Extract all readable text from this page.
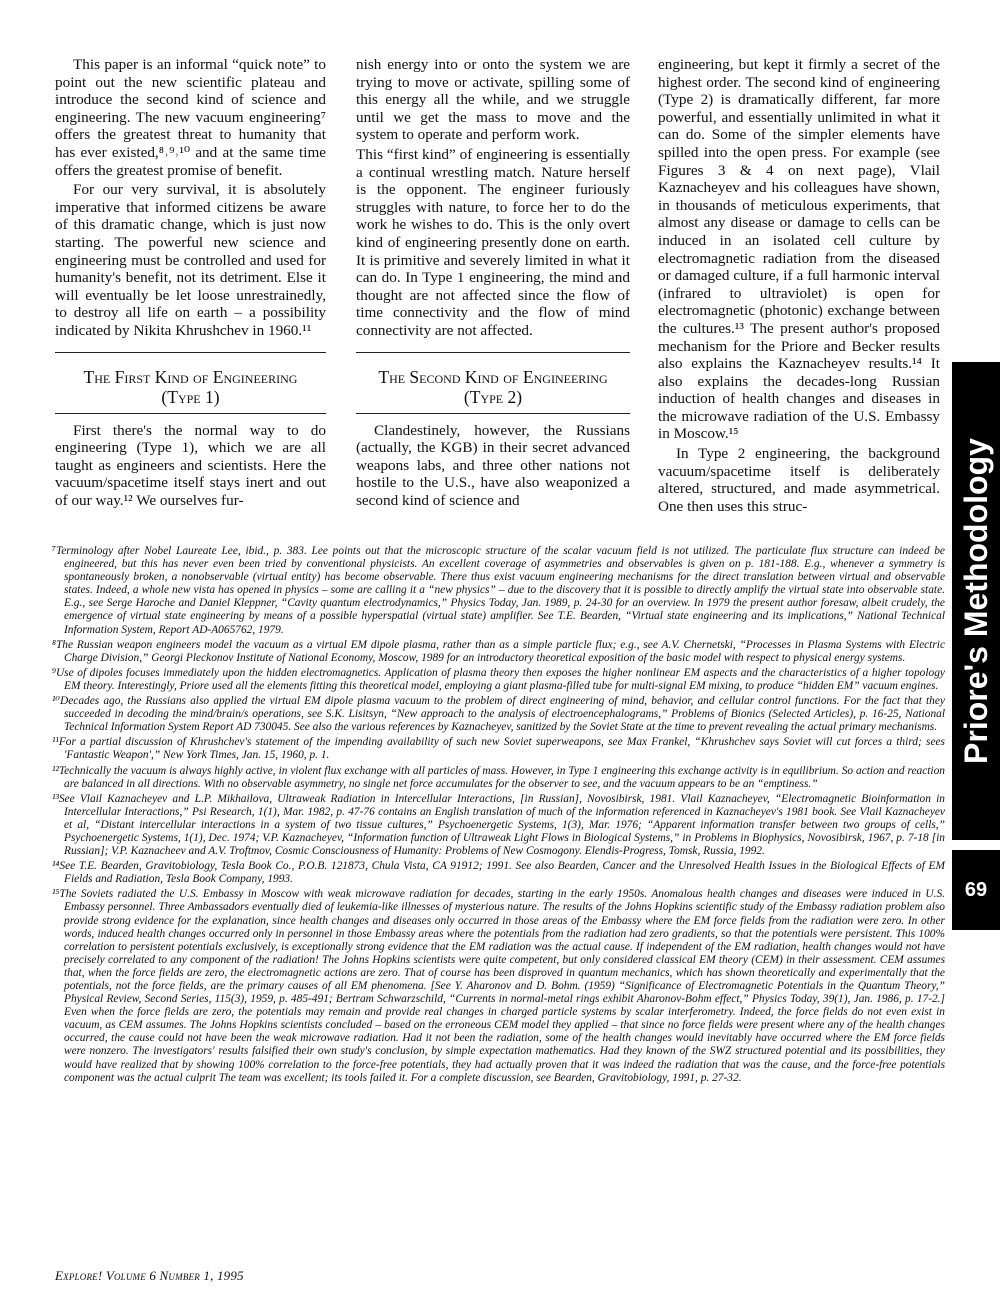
This paper is an informal “quick note” to point out the new scientific plateau and introduce the second kind of science and engineering. The new vacuum engineering⁷ offers the greatest threat to humanity that has ever existed,⁸˒⁹˒¹⁰ and at the same time offers the greatest promise of benefit.

For our very survival, it is absolutely imperative that informed citizens be aware of this dramatic change, which is just now starting. The powerful new science and engineering must be controlled and used for humanity's benefit, not its detriment. Else it will eventually be let loose unrestrainedly, to destroy all life on earth – a possibility indicated by Nikita Khrushchev in 1960.¹¹

The First Kind of Engineering
(Type 1)

First there's the normal way to do engineering (Type 1), which we are all taught as engineers and scientists. Here the vacuum/spacetime itself stays inert and out of our way.¹² We ourselves fur-

nish energy into or onto the system we are trying to move or activate, spilling some of this energy all the while, and we struggle until we get the mass to move and the system to operate and perform work.

This “first kind” of engineering is essentially a continual wrestling match. Nature herself is the opponent. The engineer furiously struggles with nature, to force her to do the work he wishes to do. This is the only overt kind of engineering presently done on earth. It is primitive and severely limited in what it can do. In Type 1 engineering, the mind and thought are not affected since the flow of time connectivity and the flow of mind connectivity are not affected.

The Second Kind of Engineering
(Type 2)

Clandestinely, however, the Russians (actually, the KGB) in their secret advanced weapons labs, and three other nations not hostile to the U.S., have also weaponized a second kind of science and

engineering, but kept it firmly a secret of the highest order. The second kind of engineering (Type 2) is dramatically different, far more powerful, and essentially unlimited in what it can do. Some of the simpler elements have spilled into the open press. For example (see Figures 3 & 4 on next page), Vlail Kaznacheyev and his colleagues have shown, in thousands of meticulous experiments, that almost any disease or damage to cells can be induced in an isolated cell culture by electromagnetic radiation from the diseased or damaged culture, if a full harmonic interval (infrared to ultraviolet) is open for electromagnetic (photonic) exchange between the cultures.¹³ The present author's proposed mechanism for the Priore and Becker results also explains the Kaznacheyev results.¹⁴ It also explains the decades-long Russian induction of health changes and diseases in the microwave radiation of the U.S. Embassy in Moscow.¹⁵

In Type 2 engineering, the background vacuum/spacetime itself is deliberately altered, structured, and made asymmetrical. One then uses this struc-

⁷Terminology after Nobel Laureate Lee, ibid., p. 383. Lee points out that the microscopic structure of the scalar vacuum field is not utilized. The particulate flux structure can indeed be engineered, but this has never even been tried by conventional physicists. An excellent coverage of asymmetries and observables is given on p. 181-188. E.g., whenever a symmetry is spontaneously broken, a nonobservable (virtual entity) has become observable. There thus exist vacuum engineering mechanisms for the direct translation between virtual and observable states. Indeed, a whole new vista has opened in physics – some are calling it a “new physics” – due to the discovery that it is possible to directly amplify the virtual state into observable state. E.g., see Serge Haroche and Daniel Kleppner, “Cavity quantum electrodynamics,” Physics Today, Jan. 1989, p. 24-30 for an overview. In 1979 the present author foresaw, albeit crudely, the emergence of virtual state engineering by means of a possible hyperspatial (virtual state) amplifier. See T.E. Bearden, “Virtual state engineering and its implications,” National Technical Information System, Report AD-A065762, 1979.

⁸The Russian weapon engineers model the vacuum as a virtual EM dipole plasma, rather than as a simple particle flux; e.g., see A.V. Chernetski, “Processes in Plasma Systems with Electric Charge Division,” Georgi Pleckonov Institute of National Economy, Moscow, 1989 for an introductory theoretical exposition of the basic model with respect to physical energy systems.

⁹Use of dipoles focuses immediately upon the hidden electromagnetics. Application of plasma theory then exposes the higher nonlinear EM aspects and the characteristics of a higher topology EM theory. Interestingly, Priore used all the elements fitting this theoretical model, employing a giant plasma-filled tube for multi-signal EM mixing, to produce “hidden EM” vacuum engines.

¹⁰Decades ago, the Russians also applied the virtual EM dipole plasma vacuum to the problem of direct engineering of mind, behavior, and cellular control functions. For the fact that they succeeded in decoding the mind/brain/s operations, see S.K. Lisitsyn, “New approach to the analysis of electroencephalograms,” Problems of Bionics (Selected Articles), p. 16-25, National Technical Information System Report AD 730045. See also the various references by Kaznacheyev, sanitized by the Soviet State at the time to prevent revealing the actual primary mechanisms.

¹¹For a partial discussion of Khrushchev's statement of the impending availability of such new Soviet superweapons, see Max Frankel, “Khrushchev says Soviet will cut forces a third; sees 'Fantastic Weapon',” New York Times, Jan. 15, 1960, p. 1.

¹²Technically the vacuum is always highly active, in violent flux exchange with all particles of mass. However, in Type 1 engineering this exchange activity is in equilibrium. So action and reaction are balanced in all directions. With no observable asymmetry, no single net force accumulates for the observer to see, and the vacuum appears to be an “emptiness.”

¹³See Vlail Kaznacheyev and L.P. Mikhailova, Ultraweak Radiation in Intercellular Interactions, [in Russian], Novosibirsk, 1981. Vlail Kaznacheyev, “Electromagnetic Bioinformation in Intercellular Interactions,” Psi Research, 1(1), Mar. 1982, p. 47-76 contains an English translation of much of the information referenced in Kaznacheyev's 1981 book. See Vlail Kaznacheyev et al, “Distant intercellular interactions in a system of two tissue cultures,” Psychoenergetic Systems, 1(3), Mar. 1976; “Apparent information transfer between two groups of cells,” Psychoenergetic Systems, 1(1), Dec. 1974; V.P. Kaznacheyev, “Information function of Ultraweak Light Flows in Biological Systems,” in Problems in Biophysics, Novosibirsk, 1967, p. 7-18 [in Russian]; V.P. Kaznacheev and A.V. Troftmov, Cosmic Consciousness of Humanity: Problems of New Cosmogony. Elendis-Progress, Tomsk, Russia, 1992.

¹⁴See T.E. Bearden, Gravitobiology, Tesla Book Co., P.O.B. 121873, Chula Vista, CA 91912; 1991. See also Bearden, Cancer and the Unresolved Health Issues in the Biological Effects of EM Fields and Radiation, Tesla Book Company, 1993.

¹⁵The Soviets radiated the U.S. Embassy in Moscow with weak microwave radiation for decades, starting in the early 1950s. Anomalous health changes and diseases were induced in U.S. Embassy personnel. Three Ambassadors eventually died of leukemia-like illnesses of mysterious nature. The results of the Johns Hopkins scientific study of the Embassy radiation problem also provide strong evidence for the explanation, since health changes and diseases only occurred in those areas of the Embassy where the EM force fields from the radiation were zero. In other words, induced health changes occurred only in personnel in those Embassy areas where the potentials from the radiation had zero gradients, so that the potentials were persistent. This 100% correlation to persistent potentials exclusively, is exceptionally strong evidence that the EM radiation was the actual cause. If independent of the EM radiation, health changes would not have precisely correlated to any component of the radiation! The Johns Hopkins scientists were quite competent, but only considered classical EM theory (CEM) in their assessment. CEM assumes that, when the force fields are zero, the electromagnetic actions are zero. That of course has been disproved in quantum mechanics, which has shown theoretically and experimentally that the potentials, not the force fields, are the primary causes of all EM phenomena. [See Y. Aharonov and D. Bohm. (1959) “Significance of Electromagnetic Potentials in the Quantum Theory,” Physical Review, Second Series, 115(3), 1959, p. 485-491; Bertram Schwarzschild, “Currents in normal-metal rings exhibit Aharonov-Bohm effect,” Physics Today, 39(1), Jan. 1986, p. 17-2.] Even when the force fields are zero, the potentials may remain and provide real changes in charged particle systems by scalar interferometry. Indeed, the force fields do not even exist in vacuum, as CEM assumes. The Johns Hopkins scientists concluded – based on the erroneous CEM model they applied – that since no force fields were present where any of the health changes occurred, the cause could not have been the weak microwave radiation. Had it not been the radiation, some of the health changes would inevitably have occurred where the EM force fields were nonzero. The investigators' results falsified their own study's conclusion, by simple expectation mathematics. Had they known of the SWZ structured potential and its possibilities, they would have realized that by showing 100% correlation to the force-free potentials, they had actually proven that it was indeed the radiation that was the cause, and the force-free potentials component was the actual culprit The team was excellent; its tools failed it. For a complete discussion, see Bearden, Gravitobiology, 1991, p. 27-32.

Explore! Volume 6 Number 1, 1995
Priore's Methodology
69
